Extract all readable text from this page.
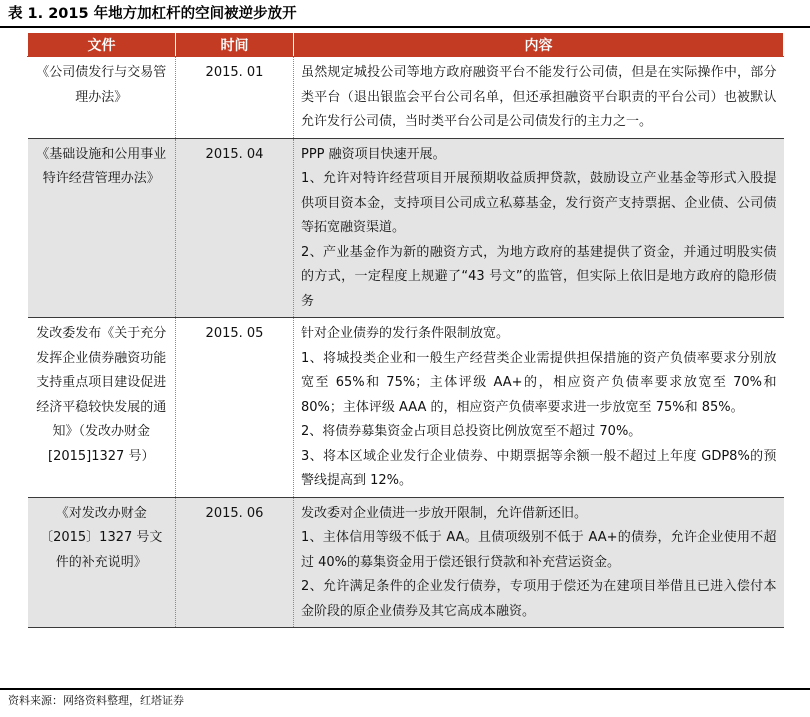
表 1. 2015 年地方加杠杆的空间被逆步放开
文件	时间	内容
《公司债发行与交易管理办法》	2015. 01	虽然规定城投公司等地方政府融资平台不能发行公司债，但是在实际操作中，部分类平台（退出银监会平台公司名单，但还承担融资平台职责的平台公司）也被默认允许发行公司债，当时类平台公司是公司债发行的主力之一。

《基础设施和公用事业特许经营管理办法》	2015. 04	PPP 融资项目快速开展。

1、允许对特许经营项目开展预期收益质押贷款，鼓励设立产业基金等形式入股提供项目资本金，支持项目公司成立私募基金，发行资产支持票据、企业债、公司债等拓宽融资渠道。

2、产业基金作为新的融资方式，为地方政府的基建提供了资金，并通过明股实债的方式，一定程度上规避了“43 号文”的监管，但实际上依旧是地方政府的隐形债务

发改委发布《关于充分发挥企业债券融资功能支持重点项目建设促进经济平稳较快发展的通知》（发改办财金[2015]1327 号）	2015. 05	针对企业债券的发行条件限制放宽。

1、将城投类企业和一般生产经营类企业需提供担保措施的资产负债率要求分别放宽至 65%和 75%；主体评级 AA+的，相应资产负债率要求放宽至 70%和 80%；主体评级 AAA 的，相应资产负债率要求进一步放宽至 75%和 85%。

2、将债券募集资金占项目总投资比例放宽至不超过 70%。

3、将本区域企业发行企业债券、中期票据等余额一般不超过上年度 GDP8%的预警线提高到 12%。

《对发改办财金〔2015〕1327 号文件的补充说明》	2015. 06	发改委对企业债进一步放开限制，允许借新还旧。

1、主体信用等级不低于 AA。且债项级别不低于 AA+的债券，允许企业使用不超过 40%的募集资金用于偿还银行贷款和补充营运资金。

2、允许满足条件的企业发行债券，专项用于偿还为在建项目举借且已进入偿付本金阶段的原企业债券及其它高成本融资。

资料来源：网络资料整理，红塔证券
